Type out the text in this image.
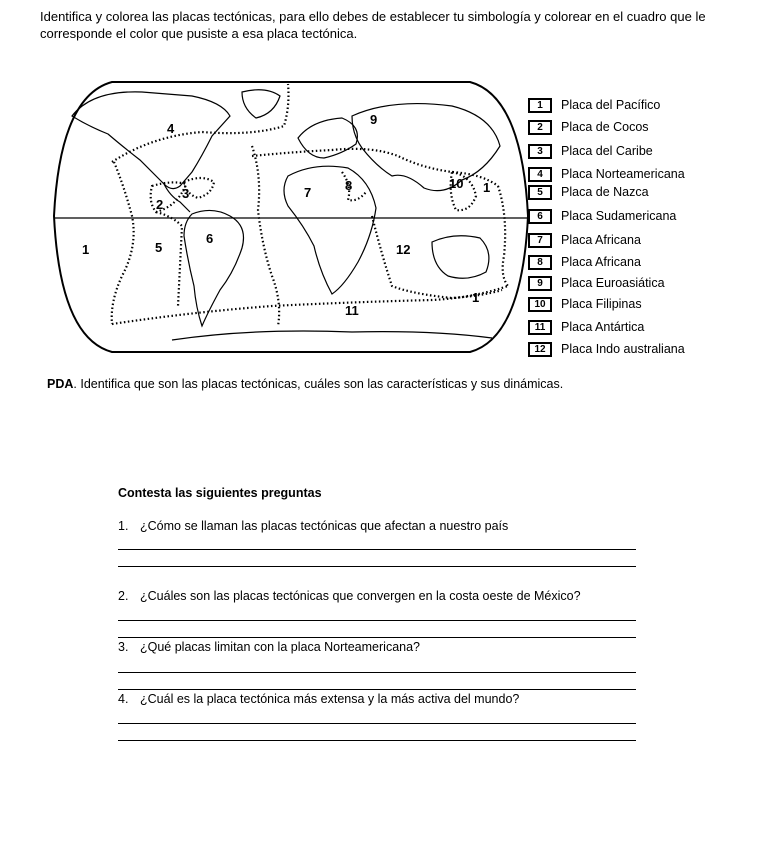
Identifica y colorea las placas tectónicas, para ello debes de establecer tu simbología y colorear en el cuadro que le corresponde el color que pusiste a esa placa tectónica.
4
9
3
2
7	8	10 1
1	5
6
12
11
1
1	Placa del Pacífico
2	Placa de Cocos
3	Placa del Caribe
4	Placa Norteamericana
5	Placa de Nazca
6	Placa Sudamericana
7	Placa Africana
8	Placa Africana
9	Placa Euroasiática
10	Placa Filipinas
11	Placa Antártica
12	Placa Indo australiana
PDA. Identifica que son las placas tectónicas, cuáles son las características y sus dinámicas.
Contesta las siguientes preguntas
1. ¿Cómo se llaman las placas tectónicas que afectan a nuestro país
2. ¿Cuáles son las placas tectónicas que convergen en la costa oeste de México?
3. ¿Qué placas limitan con la placa Norteamericana?
4. ¿Cuál es la placa tectónica más extensa y la más activa del mundo?
